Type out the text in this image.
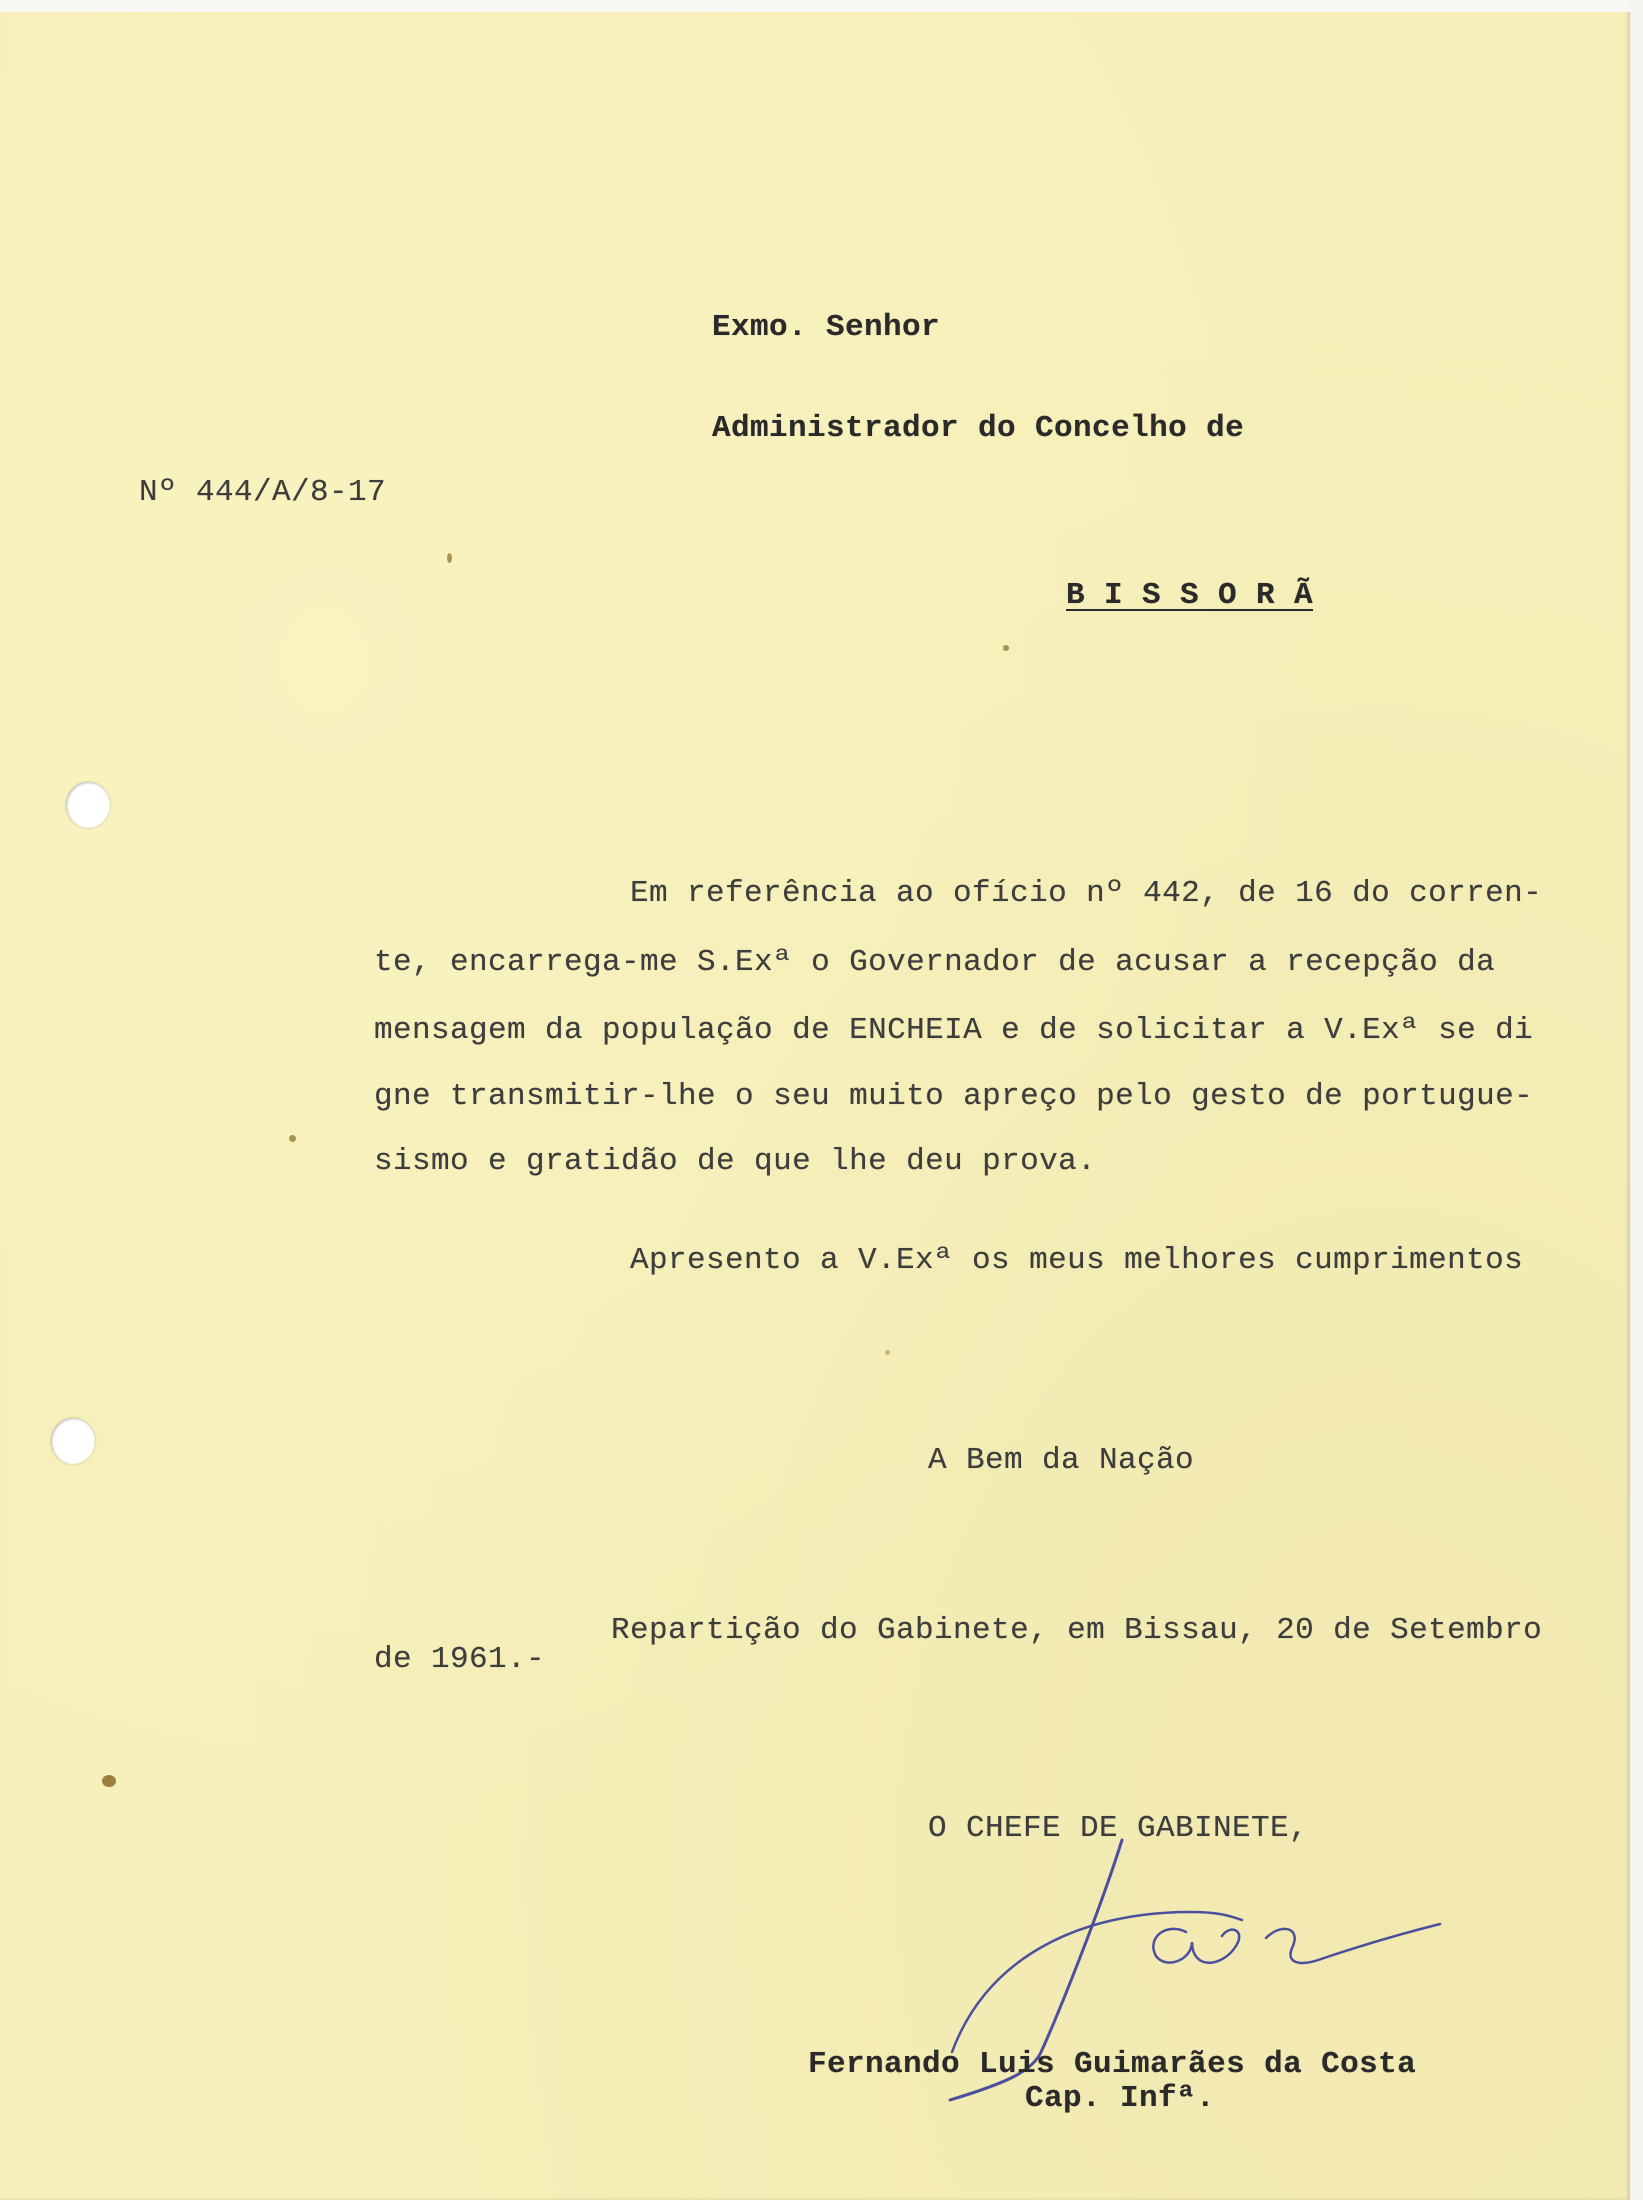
Exmo. Senhor
Administrador do Concelho de
Nº 444/A/8-17
B I S S O R Ã
Em referência ao ofício nº 442, de 16 do corren-
te, encarrega-me S.Exª o Governador de acusar a recepção da
mensagem da população de ENCHEIA e de solicitar a V.Exª se di
gne transmitir-lhe o seu muito apreço pelo gesto de portugue-
sismo e gratidão de que lhe deu prova.
Apresento a V.Exª os meus melhores cumprimentos
A Bem da Nação
Repartição do Gabinete, em Bissau, 20 de Setembro
de 1961.-
O CHEFE DE GABINETE,
Fernando Luis Guimarães da Costa
Cap. Infª.
